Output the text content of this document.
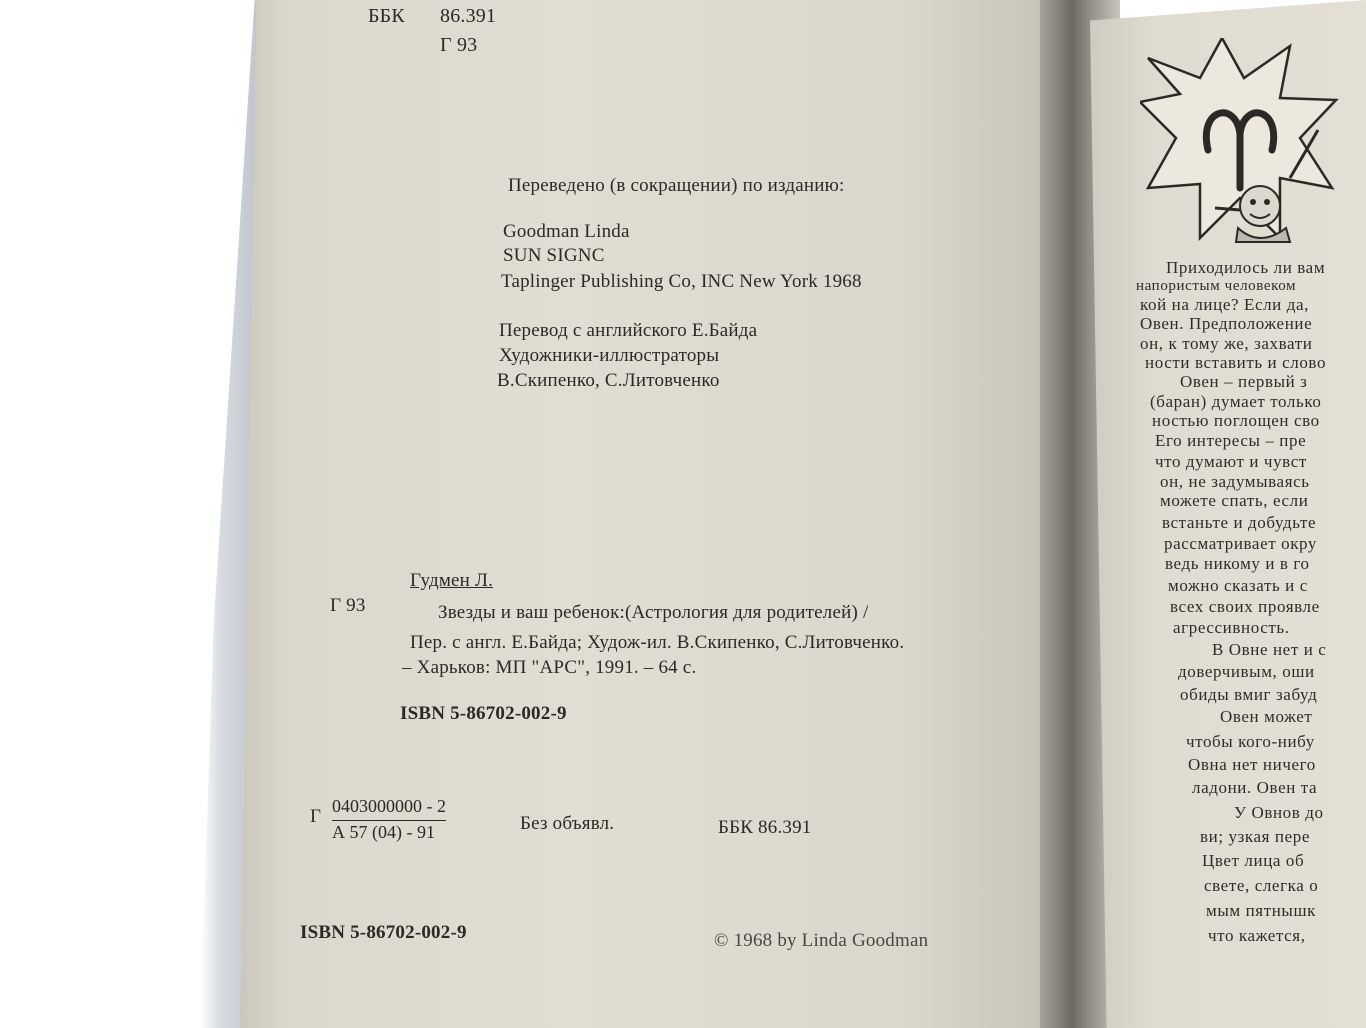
ББК 86.391
Г 93
Переведено (в сокращении) по изданию:
Goodman Linda
SUN SIGNC
Taplinger Publishing Co, INC New York 1968
Перевод с английского Е.Байда
Художники-иллюстраторы
В.Скипенко, С.Литовченко
Гудмен Л.
Г 93	Звезды и ваш ребенок:(Астрология для родителей) /
Пер. с англ. Е.Байда; Худож-ил. В.Скипенко, С.Литовченко.
– Харьков: МП "АРС", 1991. – 64 с.
ISBN 5-86702-002-9
Г 0403000000 - 2
А 57 (04) - 91	Без объявл.	ББК 86.391
ISBN 5-86702-002-9	© 1968 by Linda Goodman
Приходилось ли вам
напористым человеком
кой на лице? Если да,
Овен. Предположение
он, к тому же, захвати
ности вставить и слово
Овен – первый з
(баран) думает только
ностью поглощен сво
Его интересы – пре
что думают и чувст
он, не задумываясь
можете спать, если
встаньте и добудьте
рассматривает окру
ведь никому и в го
можно сказать и с
всех своих проявле
агрессивность.
В Овне нет и с
доверчивым, оши
обиды вмиг забуд
Овен может
чтобы кого-нибу
Овна нет ничего
ладони. Овен та
У Овнов до
ви; узкая пере
Цвет лица об
свете, слегка о
мым пятнышк
что кажется,
